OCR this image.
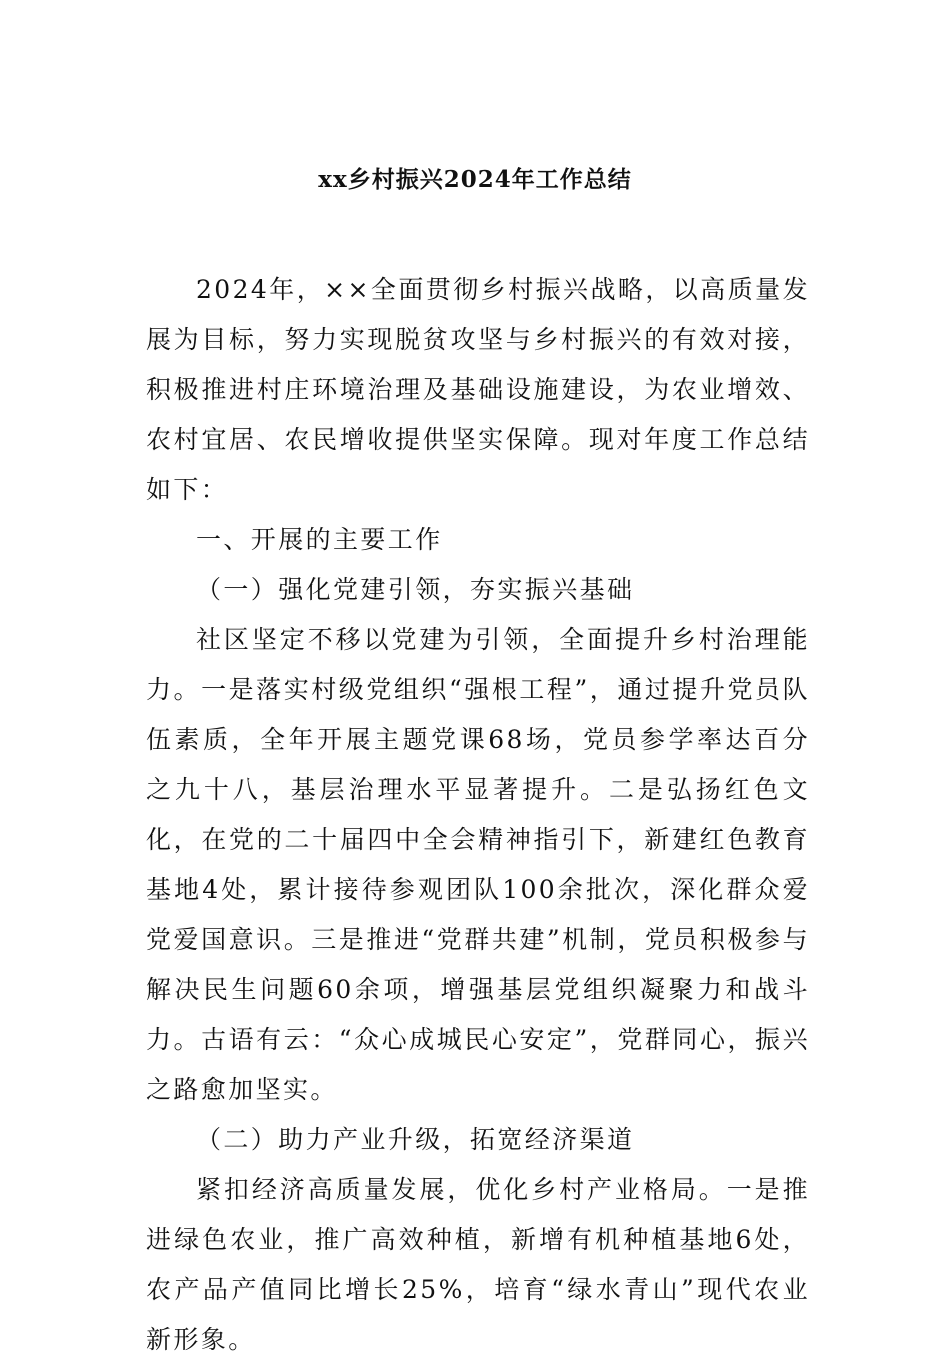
xx乡村振兴2024年工作总结

2024年，××全面贯彻乡村振兴战略，以高质量发展为目标，努力实现脱贫攻坚与乡村振兴的有效对接，积极推进村庄环境治理及基础设施建设，为农业增效、农村宜居、农民增收提供坚实保障。现对年度工作总结如下：

一、开展的主要工作

（一）强化党建引领，夯实振兴基础

社区坚定不移以党建为引领，全面提升乡村治理能力。一是落实村级党组织“强根工程”，通过提升党员队伍素质，全年开展主题党课68场，党员参学率达百分之九十八，基层治理水平显著提升。二是弘扬红色文化，在党的二十届四中全会精神指引下，新建红色教育基地4处，累计接待参观团队100余批次，深化群众爱党爱国意识。三是推进“党群共建”机制，党员积极参与解决民生问题60余项，增强基层党组织凝聚力和战斗力。古语有云：“众心成城民心安定”，党群同心，振兴之路愈加坚实。

（二）助力产业升级，拓宽经济渠道

紧扣经济高质量发展，优化乡村产业格局。一是推进绿色农业，推广高效种植，新增有机种植基地6处，农产品产值同比增长25%，培育“绿水青山”现代农业新形象。
